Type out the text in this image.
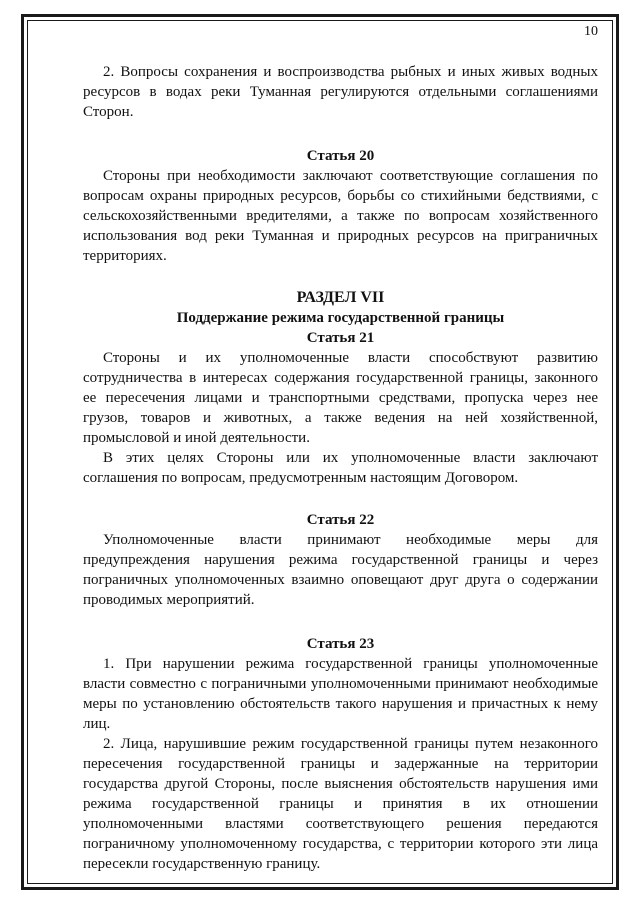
10

2. Вопросы сохранения и воспроизводства рыбных и иных живых водных ресурсов в водах реки Туманная регулируются отдельными соглашениями Сторон.

Статья 20

Стороны при необходимости заключают соответствующие соглашения по вопросам охраны природных ресурсов, борьбы со стихийными бедствиями, с сельскохозяйственными вредителями, а также по вопросам хозяйственного использования вод реки Туманная и природных ресурсов на приграничных территориях.

РАЗДЕЛ VII
Поддержание режима государственной границы
Статья 21

Стороны и их уполномоченные власти способствуют развитию сотрудничества в интересах содержания государственной границы, законного ее пересечения лицами и транспортными средствами, пропуска через нее грузов, товаров и животных, а также ведения на ней хозяйственной, промысловой и иной деятельности.

В этих целях Стороны или их уполномоченные власти заключают соглашения по вопросам, предусмотренным настоящим Договором.

Статья 22

Уполномоченные власти принимают необходимые меры для предупреждения нарушения режима государственной границы и через пограничных уполномоченных взаимно оповещают друг друга о содержании проводимых мероприятий.

Статья 23

1. При нарушении режима государственной границы уполномоченные власти совместно с пограничными уполномоченными принимают необходимые меры по установлению обстоятельств такого нарушения и причастных к нему лиц.

2. Лица, нарушившие режим государственной границы путем незаконного пересечения государственной границы и задержанные на территории государства другой Стороны, после выяснения обстоятельств нарушения ими режима государственной границы и принятия в их отношении уполномоченными властями соответствующего решения передаются пограничному уполномоченному государства, с территории которого эти лица пересекли государственную границу.
